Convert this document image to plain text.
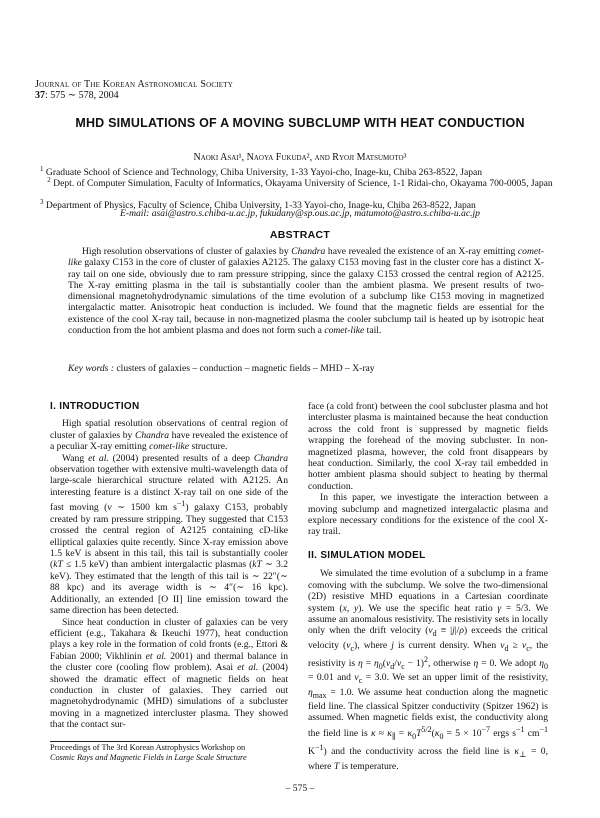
Journal of The Korean Astronomical Society
37: 575 ∼ 578, 2004
MHD SIMULATIONS OF A MOVING SUBCLUMP WITH HEAT CONDUCTION
Naoki Asai¹, Naoya Fukuda², and Ryoji Matsumoto³
$^1$ Graduate School of Science and Technology, Chiba University, 1-33 Yayoi-cho, Inage-ku, Chiba 263-8522, Japan
$^2$ Dept. of Computer Simulation, Faculty of Informatics, Okayama University of Science, 1-1 Ridai-cho, Okayama 700-0005, Japan
$^3$ Department of Physics, Faculty of Science, Chiba University, 1-33 Yayoi-cho, Inage-ku, Chiba 263-8522, Japan
E-mail: asai@astro.s.chiba-u.ac.jp, fukudany@sp.ous.ac.jp, matumoto@astro.s.chiba-u.ac.jp
ABSTRACT
High resolution observations of cluster of galaxies by Chandra have revealed the existence of an X-ray emitting comet-like galaxy C153 in the core of cluster of galaxies A2125. The galaxy C153 moving fast in the cluster core has a distinct X-ray tail on one side, obviously due to ram pressure stripping, since the galaxy C153 crossed the central region of A2125. The X-ray emitting plasma in the tail is substantially cooler than the ambient plasma. We present results of two-dimensional magnetohydrodynamic simulations of the time evolution of a subclump like C153 moving in magnetized intergalactic matter. Anisotropic heat conduction is included. We found that the magnetic fields are essential for the existence of the cool X-ray tail, because in non-magnetized plasma the cooler subclump tail is heated up by isotropic heat conduction from the hot ambient plasma and does not form such a comet-like tail.
Key words : clusters of galaxies – conduction – magnetic fields – MHD – X-ray
I. INTRODUCTION

High spatial resolution observations of central region of cluster of galaxies by Chandra have revealed the existence of a peculiar X-ray emitting comet-like structure.

Wang et al. (2004) presented results of a deep Chandra observation together with extensive multi-wavelength data of large-scale hierarchical structure related with A2125. An interesting feature is a distinct X-ray tail on one side of the fast moving (v ∼ 1500 km $s^{-1}$) galaxy C153, probably created by ram pressure stripping. They suggested that C153 crossed the central region of A2125 containing cD-like elliptical galaxies quite recently. Since X-ray emission above 1.5 keV is absent in this tail, this tail is substantially cooler (kT ≤ 1.5 keV) than ambient intergalactic plasmas (kT ∼ 3.2 keV). They estimated that the length of this tail is ∼ 22″(∼ 88 kpc) and its average width is ∼ 4″(∼ 16 kpc). Additionally, an extended [O II] line emission toward the same direction has been detected.

Since heat conduction in cluster of galaxies can be very efficient (e.g., Takahara & Ikeuchi 1977), heat conduction plays a key role in the formation of cold fronts (e.g., Ettori & Fabian 2000; Vikhlinin et al. 2001) and thermal balance in the cluster core (cooling flow problem). Asai et al. (2004) showed the dramatic effect of magnetic fields on heat conduction in cluster of galaxies. They carried out magnetohydrodynamic (MHD) simulations of a subcluster moving in a magnetized intercluster plasma. They showed that the contact sur-

face (a cold front) between the cool subcluster plasma and hot intercluster plasma is maintained because the heat conduction across the cold front is suppressed by magnetic fields wrapping the forehead of the moving subcluster. In non-magnetized plasma, however, the cold front disappears by heat conduction. Similarly, the cool X-ray tail embedded in hotter ambient plasma should subject to heating by thermal conduction.

In this paper, we investigate the interaction between a moving subclump and magnetized intergalactic plasma and explore necessary conditions for the existence of the cool X-ray trail.

II. SIMULATION MODEL

We simulated the time evolution of a subclump in a frame comoving with the subclump. We solve the two-dimensional (2D) resistive MHD equations in a Cartesian coordinate system (x, y). We use the specific heat ratio γ = 5/3. We assume an anomalous resistivity. The resistivity sets in locally only when the drift velocity $(v_d \equiv |j|/\rho)$ exceeds the critical velocity $(v_c)$, where j is current density. When $v_d \ge v_c$, the resistivity is $\eta = \eta_0(v_d/v_c - 1)^2$, otherwise η = 0. We adopt $\eta_0 = 0.01$ and $v_c = 3.0$. We set an upper limit of the resistivity, $\eta_{max} = 1.0$. We assume heat conduction along the magnetic field line. The classical Spitzer conductivity (Spitzer 1962) is assumed. When magnetic fields exist, the conductivity along the field line is $\kappa \approx \kappa_\parallel = \kappa_0T^{5/2}(\kappa_0 = 5 \times 10^{-7}$ ergs $s^{-1}$ $cm^{-1}$ $K^{-1}$) and the conductivity across the field line is $\kappa_\perp = 0$, where T is temperature.

Proceedings of The 3rd Korean Astrophysics Workshop on
Cosmic Rays and Magnetic Fields in Large Scale Structure
– 575 –
